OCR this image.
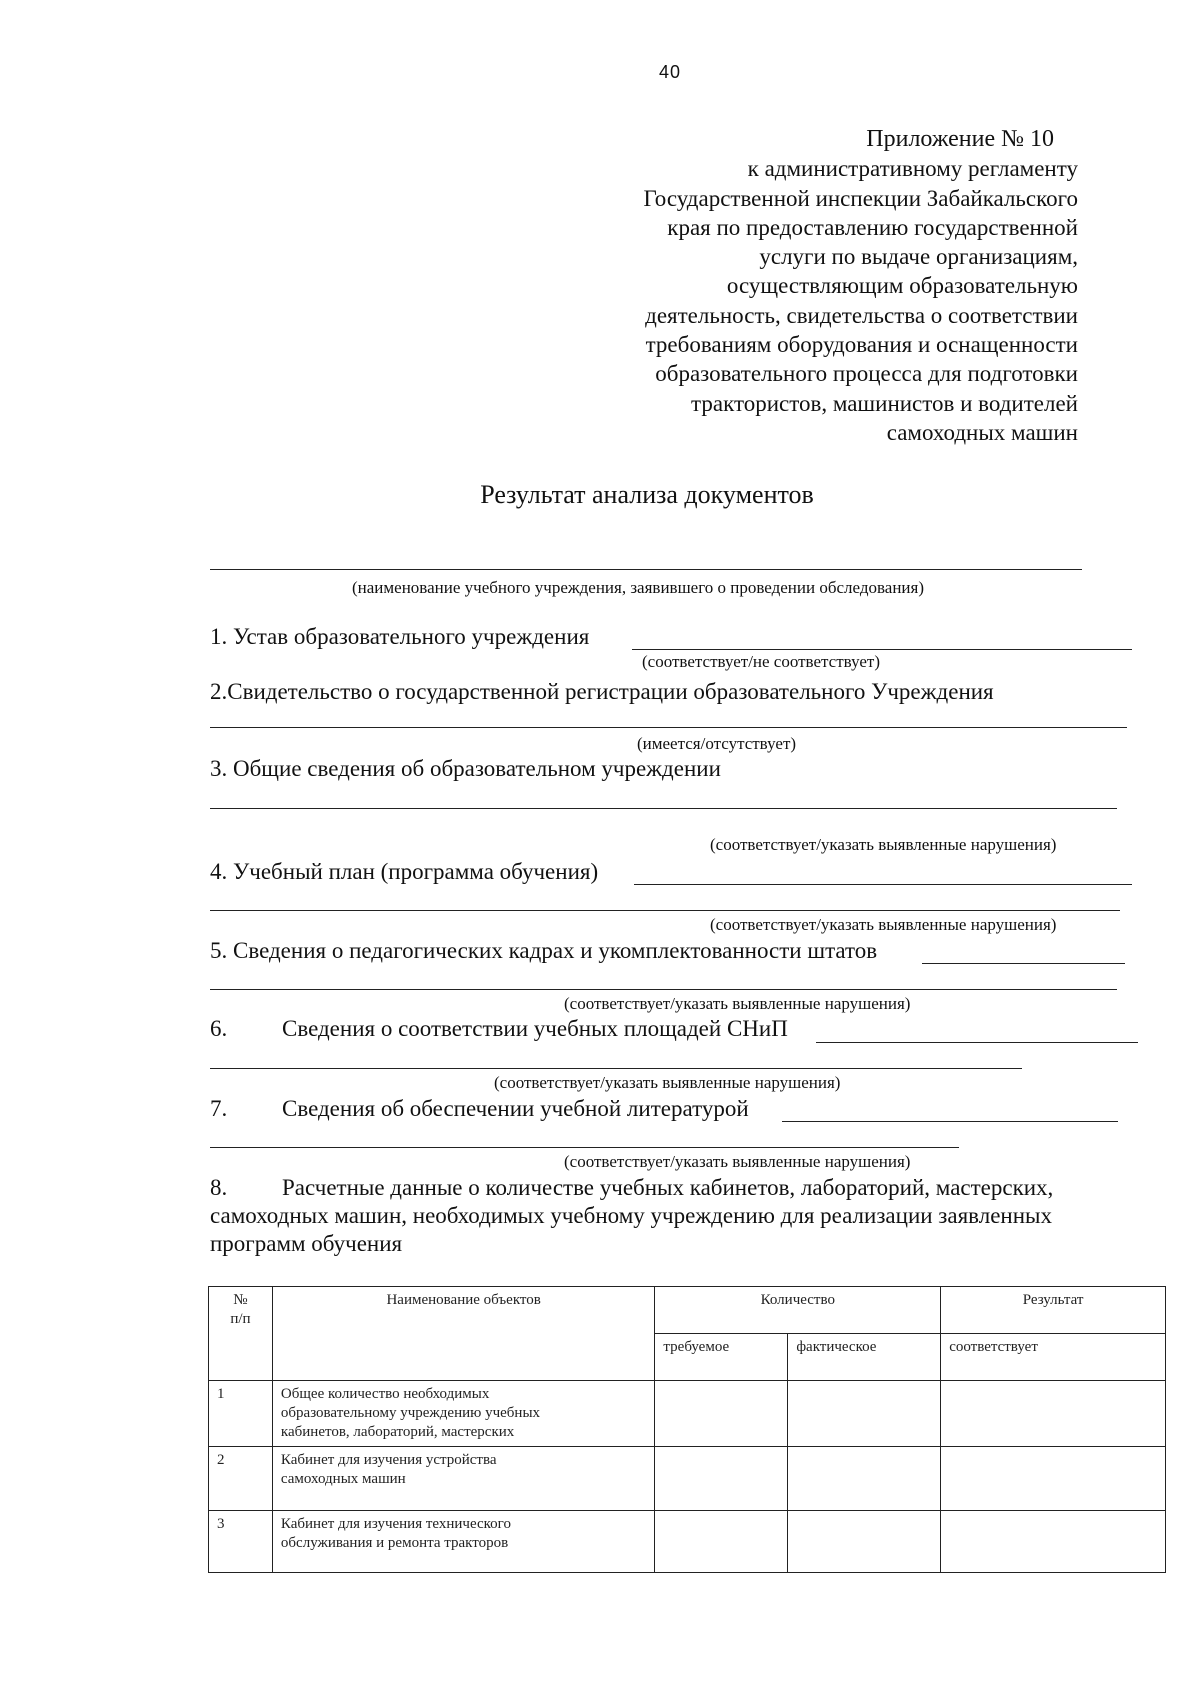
40
Приложение № 10
к административному регламенту
Государственной инспекции Забайкальского
края по предоставлению государственной
услуги по выдаче организациям,
осуществляющим образовательную
деятельность, свидетельства о соответствии
требованиям оборудования и оснащенности
образовательного процесса для подготовки
трактористов, машинистов и водителей
самоходных машин
Результат анализа документов
(наименование учебного учреждения, заявившего о проведении обследования)
1. Устав образовательного учреждения
(соответствует/не соответствует)
2.Свидетельство о государственной регистрации образовательного Учреждения
(имеется/отсутствует)
3. Общие сведения об образовательном учреждении
(соответствует/указать выявленные нарушения)
4. Учебный план (программа обучения)
(соответствует/указать выявленные нарушения)
5. Сведения о педагогических кадрах и укомплектованности штатов
(соответствует/указать выявленные нарушения)
6. Сведения о соответствии учебных площадей СНиП
(соответствует/указать выявленные нарушения)
7. Сведения об обеспечении учебной литературой
(соответствует/указать выявленные нарушения)
8. Расчетные данные о количестве учебных кабинетов, лабораторий, мастерских,
самоходных машин, необходимых учебному учреждению для реализации заявленных
программ обучения
№
п/п	Наименование объектов	Количество		Результат
		требуемое	фактическое	соответствует
1	Общее количество необходимых
образовательному учреждению учебных
кабинетов, лабораторий, мастерских			

2	Кабинет для изучения устройства
самоходных машин			

3	Кабинет для изучения технического
обслуживания и ремонта тракторов			
